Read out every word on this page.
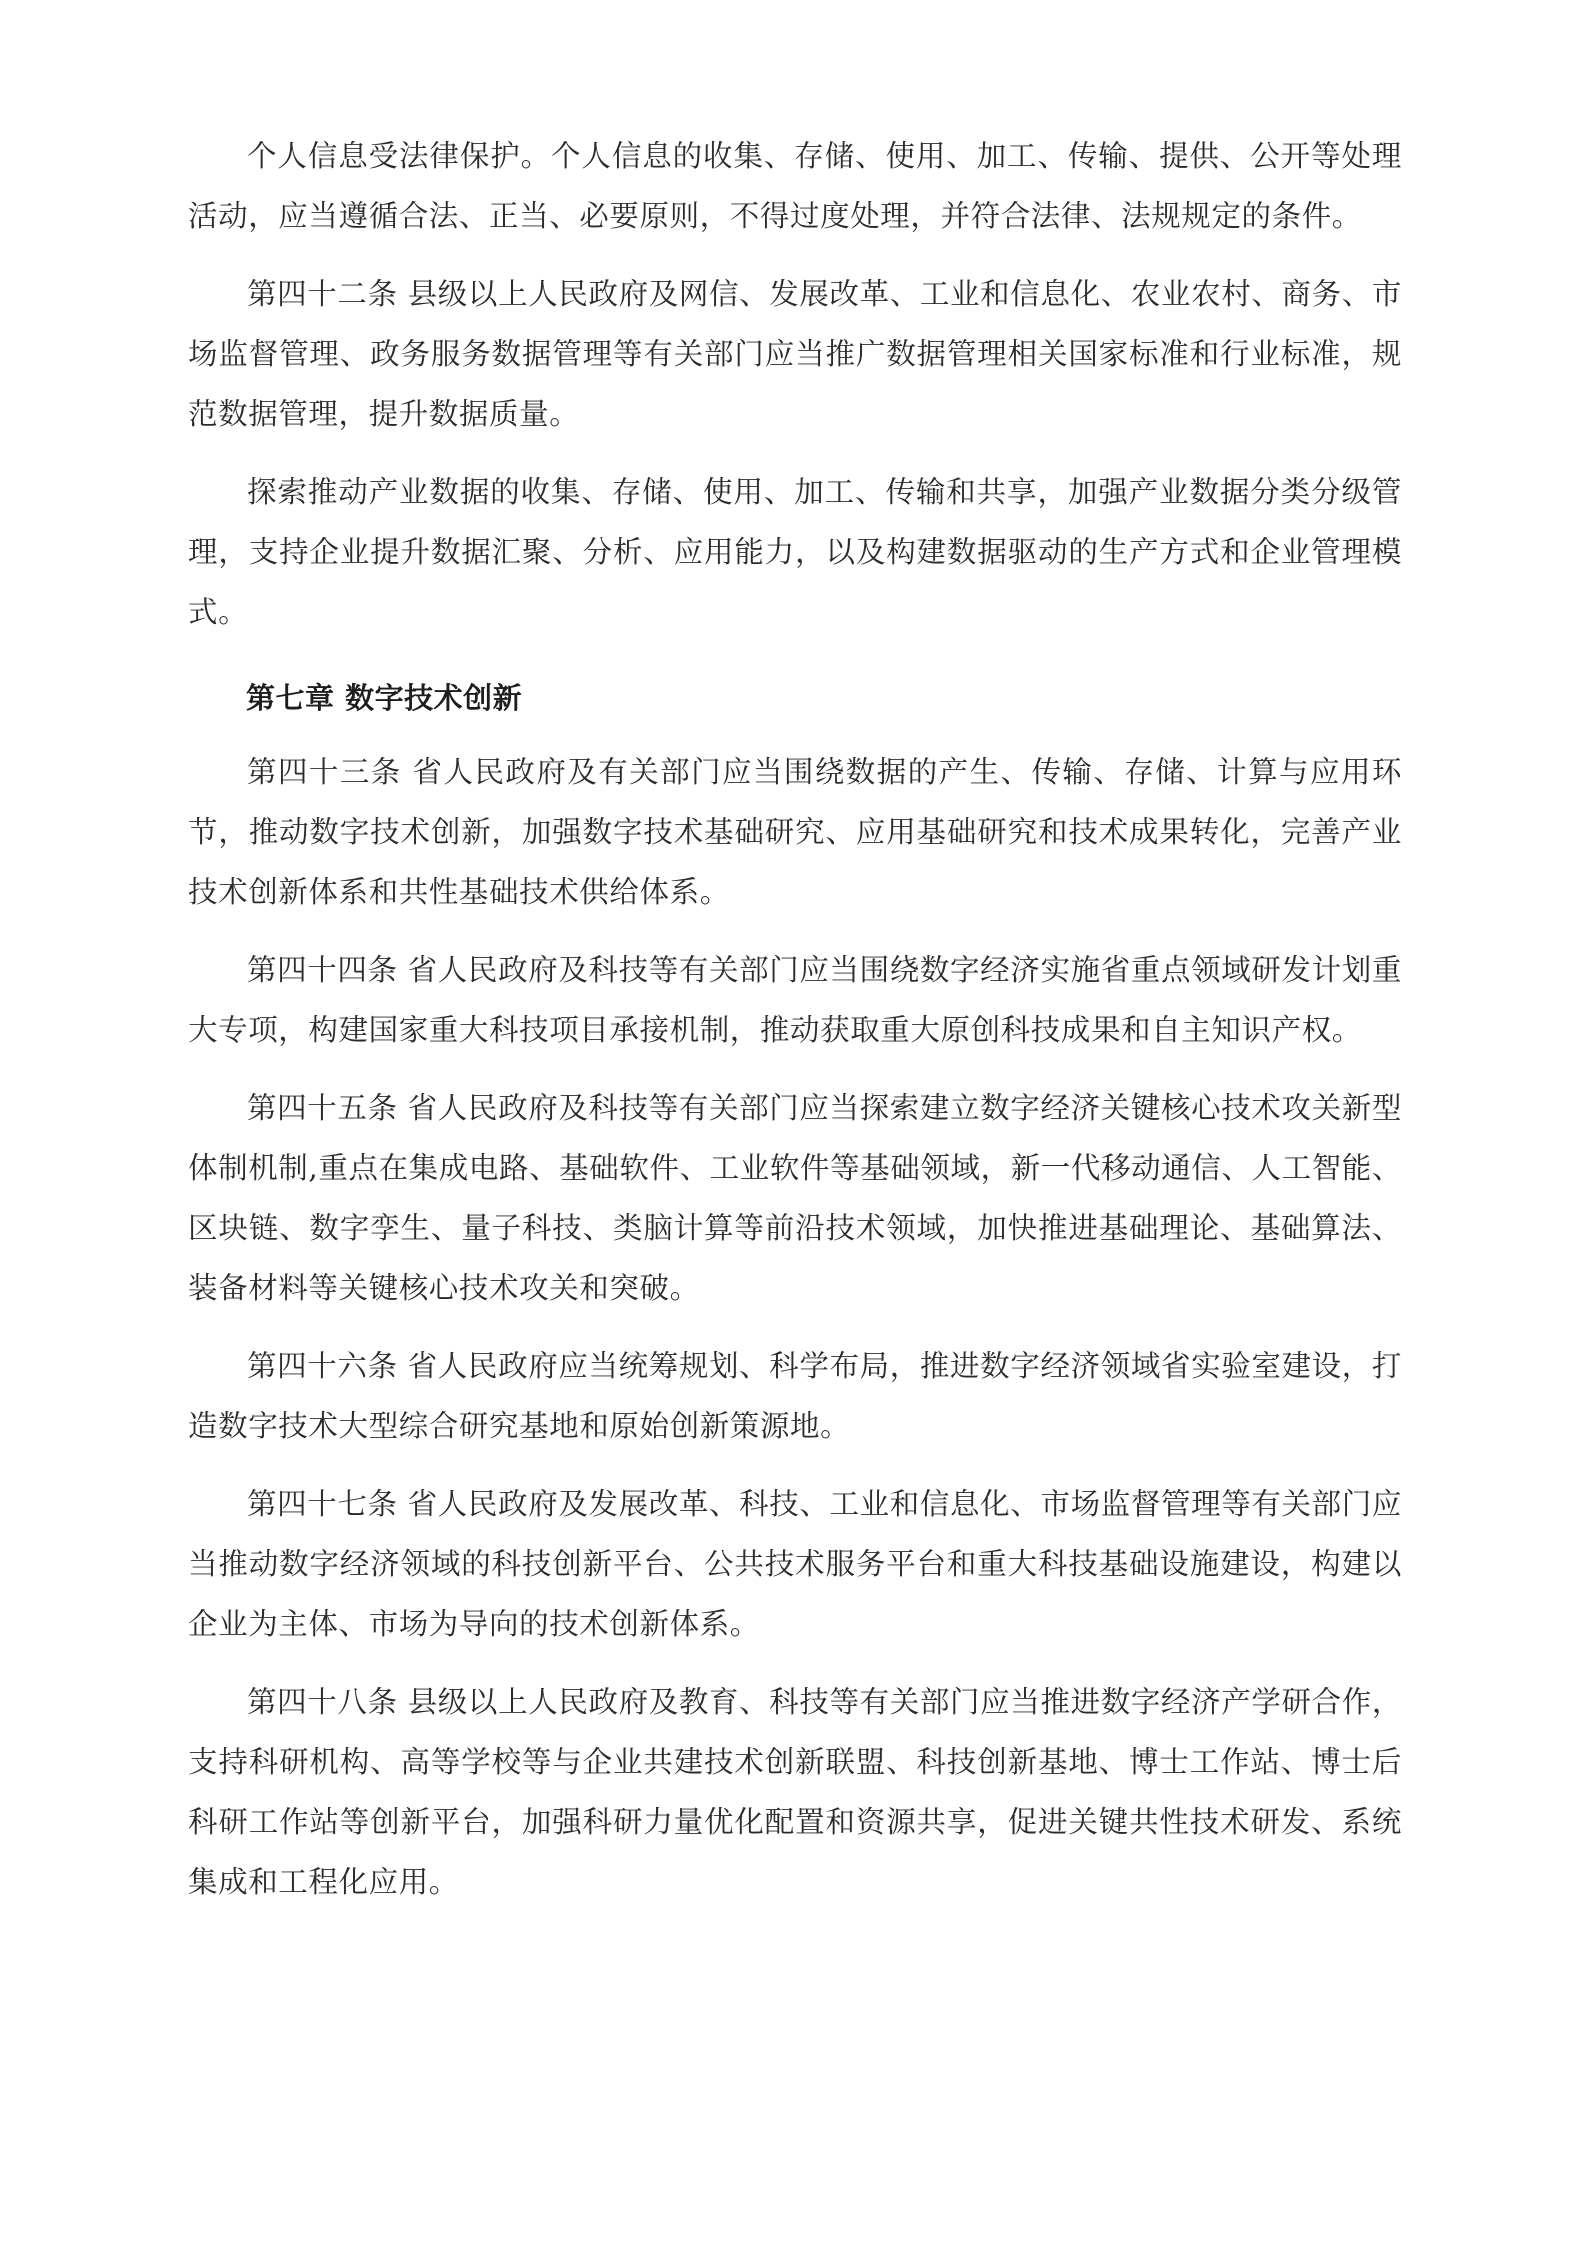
个人信息受法律保护。个人信息的收集、存储、使用、加工、传输、提供、公开等处理活动，应当遵循合法、正当、必要原则，不得过度处理，并符合法律、法规规定的条件。

第四十二条 县级以上人民政府及网信、发展改革、工业和信息化、农业农村、商务、市场监督管理、政务服务数据管理等有关部门应当推广数据管理相关国家标准和行业标准，规范数据管理，提升数据质量。

探索推动产业数据的收集、存储、使用、加工、传输和共享，加强产业数据分类分级管理，支持企业提升数据汇聚、分析、应用能力，以及构建数据驱动的生产方式和企业管理模式。

第七章 数字技术创新

第四十三条 省人民政府及有关部门应当围绕数据的产生、传输、存储、计算与应用环节，推动数字技术创新，加强数字技术基础研究、应用基础研究和技术成果转化，完善产业技术创新体系和共性基础技术供给体系。

第四十四条 省人民政府及科技等有关部门应当围绕数字经济实施省重点领域研发计划重大专项，构建国家重大科技项目承接机制，推动获取重大原创科技成果和自主知识产权。

第四十五条 省人民政府及科技等有关部门应当探索建立数字经济关键核心技术攻关新型体制机制,重点在集成电路、基础软件、工业软件等基础领域，新一代移动通信、人工智能、区块链、数字孪生、量子科技、类脑计算等前沿技术领域，加快推进基础理论、基础算法、装备材料等关键核心技术攻关和突破。

第四十六条 省人民政府应当统筹规划、科学布局，推进数字经济领域省实验室建设，打造数字技术大型综合研究基地和原始创新策源地。

第四十七条 省人民政府及发展改革、科技、工业和信息化、市场监督管理等有关部门应当推动数字经济领域的科技创新平台、公共技术服务平台和重大科技基础设施建设，构建以企业为主体、市场为导向的技术创新体系。

第四十八条 县级以上人民政府及教育、科技等有关部门应当推进数字经济产学研合作，支持科研机构、高等学校等与企业共建技术创新联盟、科技创新基地、博士工作站、博士后科研工作站等创新平台，加强科研力量优化配置和资源共享，促进关键共性技术研发、系统集成和工程化应用。
